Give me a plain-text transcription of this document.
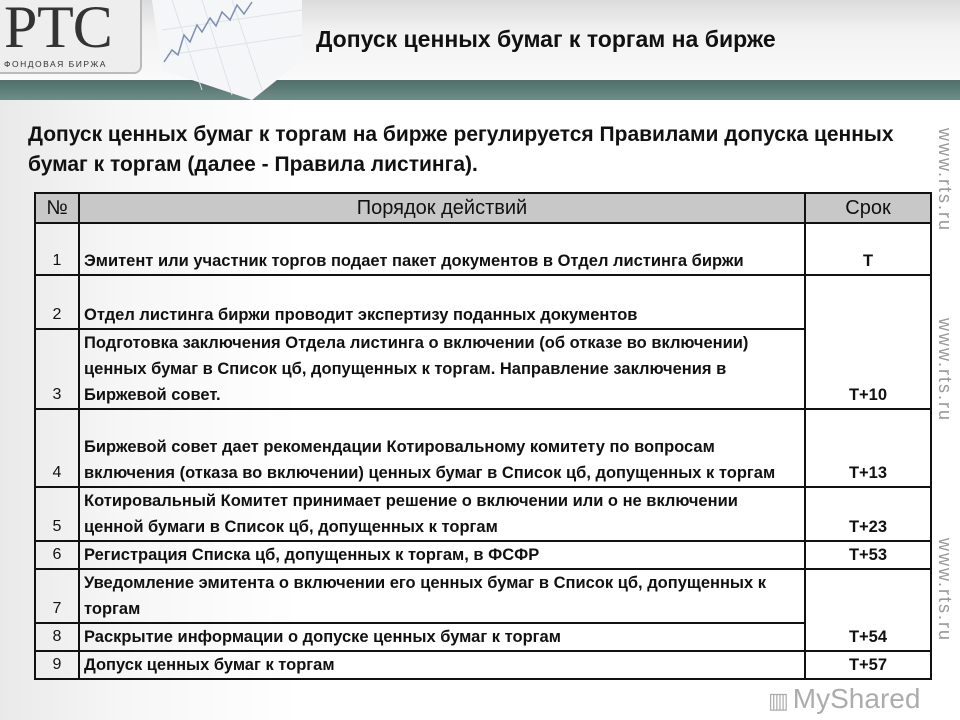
РТС
ФОНДОВАЯ БИРЖА
Допуск ценных бумаг к торгам на бирже
Допуск ценных бумаг к торгам на бирже регулируется Правилами допуска ценных бумаг к торгам (далее - Правила листинга).
№	Порядок действий	Срок
1	Эмитент или участник торгов подает пакет документов в Отдел листинга биржи	Т
2	Отдел листинга биржи проводит экспертизу поданных документов	Т+10
3	Подготовка заключения Отдела листинга о включении (об отказе во включении) ценных бумаг в Список цб, допущенных к торгам. Направление заключения в Биржевой совет.	
4	Биржевой совет дает рекомендации Котировальному комитету по вопросам включения (отказа во включении) ценных бумаг в Список цб, допущенных к торгам	Т+13
5	Котировальный Комитет принимает решение о включении или о не включении ценной бумаги в Список цб, допущенных к торгам	Т+23
6	Регистрация Списка цб, допущенных к торгам, в ФСФР	Т+53
7	Уведомление эмитента о включении его ценных бумаг в Список цб, допущенных к торгам	Т+54
8	Раскрытие информации о допуске ценных бумаг к торгам	
9	Допуск ценных бумаг к торгам	Т+57
www.rts.ru
www.rts.ru
www.rts.ru
▥ MyShared
